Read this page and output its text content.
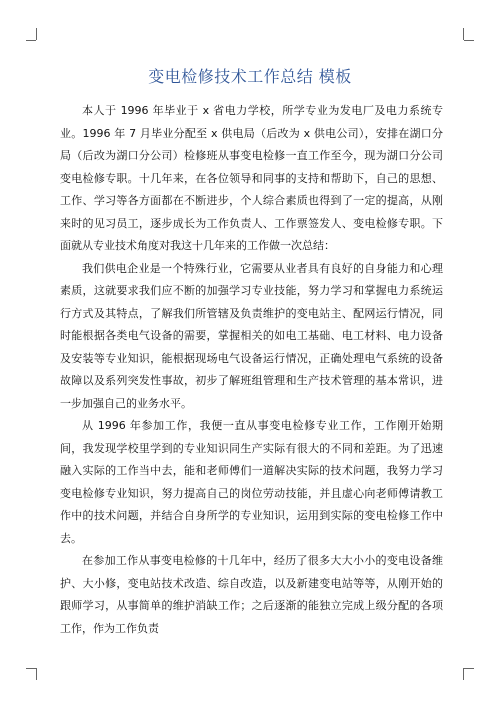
变电检修技术工作总结 模板

本人于 1996 年毕业于 x 省电力学校，所学专业为发电厂及电力系统专业。1996 年 7 月毕业分配至 x 供电局（后改为 x 供电公司），安排在湖口分局（后改为湖口分公司）检修班从事变电检修一直工作至今，现为湖口分公司变电检修专职。十几年来，在各位领导和同事的支持和帮助下，自己的思想、工作、学习等各方面都在不断进步，个人综合素质也得到了一定的提高，从刚来时的见习员工，逐步成长为工作负责人、工作票签发人、变电检修专职。下面就从专业技术角度对我这十几年来的工作做一次总结：

我们供电企业是一个特殊行业，它需要从业者具有良好的自身能力和心理素质，这就要求我们应不断的加强学习专业技能，努力学习和掌握电力系统运行方式及其特点，了解我们所管辖及负责维护的变电站主、配网运行情况，同时能根据各类电气设备的需要，掌握相关的如电工基础、电工材料、电力设备及安装等专业知识，能根据现场电气设备运行情况，正确处理电气系统的设备故障以及系列突发性事故，初步了解班组管理和生产技术管理的基本常识，进一步加强自己的业务水平。

从 1996 年参加工作，我便一直从事变电检修专业工作，工作刚开始期间，我发现学校里学到的专业知识同生产实际有很大的不同和差距。为了迅速融入实际的工作当中去，能和老师傅们一道解决实际的技术问题，我努力学习变电检修专业知识，努力提高自己的岗位劳动技能，并且虚心向老师傅请教工作中的技术问题，并结合自身所学的专业知识，运用到实际的变电检修工作中去。

在参加工作从事变电检修的十几年中，经历了很多大大小小的变电设备维护、大小修，变电站技术改造、综自改造，以及新建变电站等等，从刚开始的跟师学习，从事简单的维护消缺工作；之后逐渐的能独立完成上级分配的各项工作，作为工作负责
